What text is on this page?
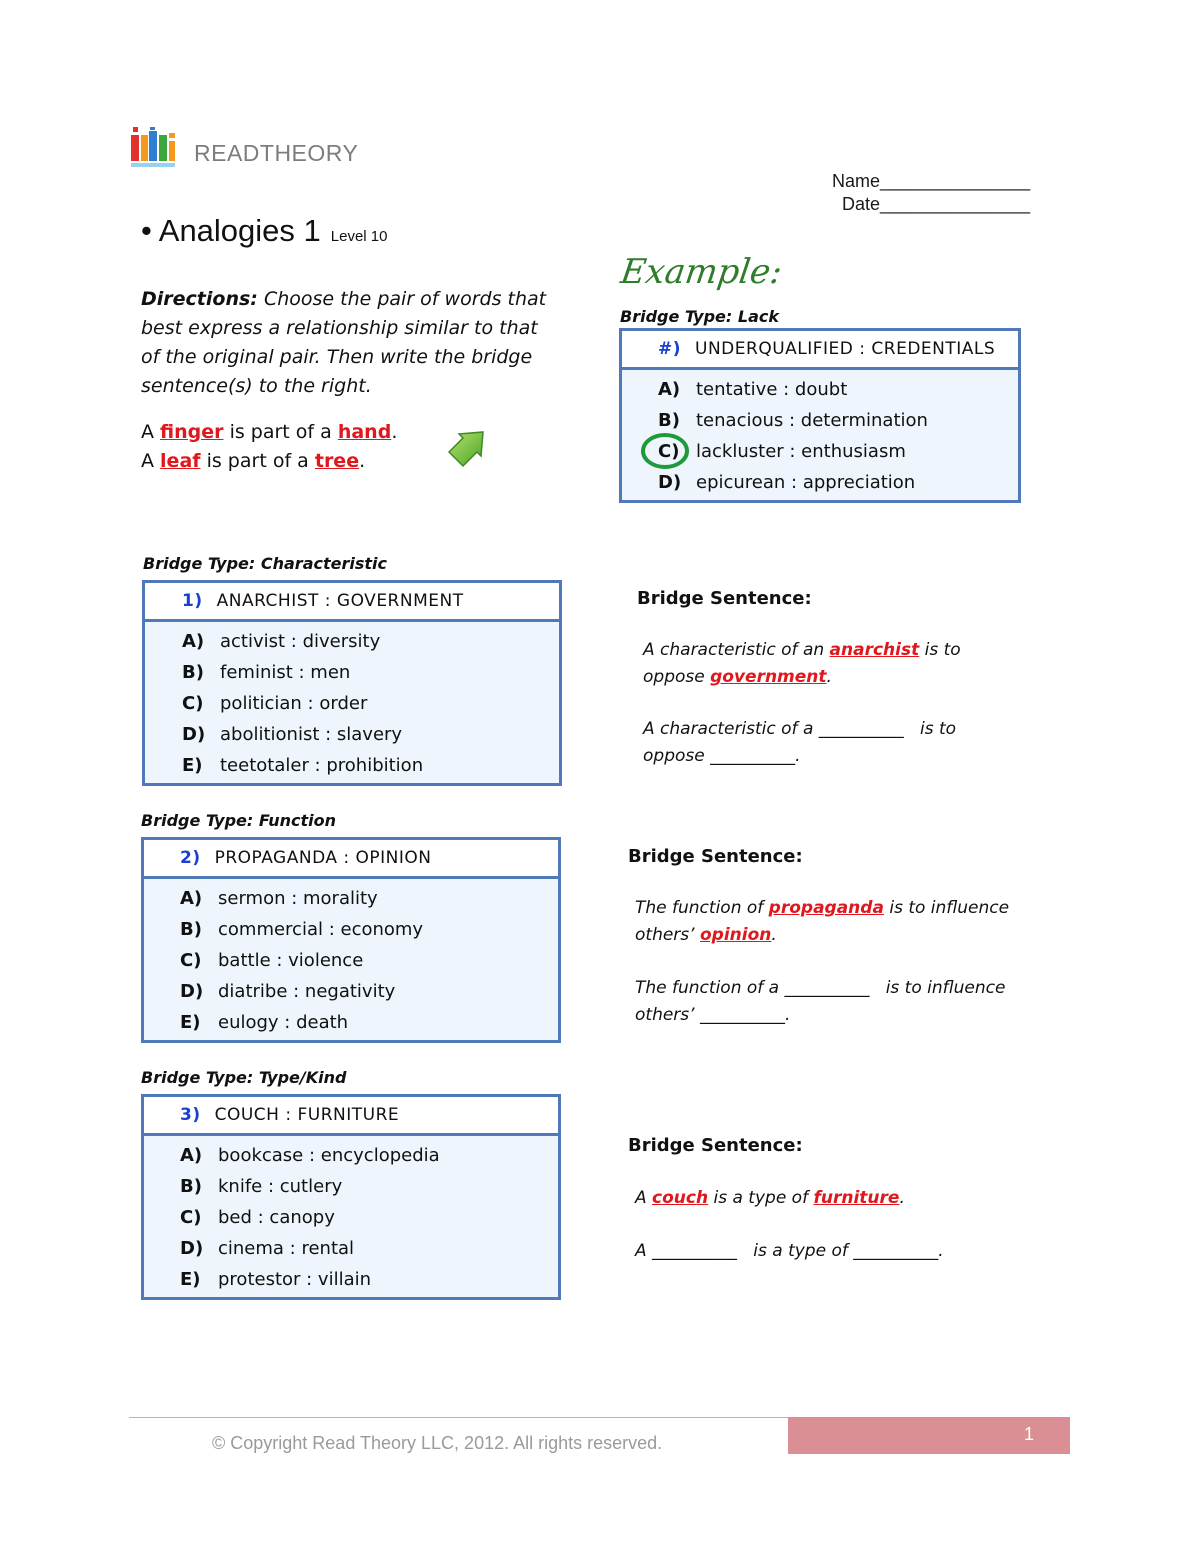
READTHEORY
Name_______________
Date_______________
• Analogies 1 Level 10
Directions: Choose the pair of words that best express a relationship similar to that of the original pair. Then write the bridge sentence(s) to the right.
A finger is part of a hand.
A leaf is part of a tree.
Example:
Bridge Type: Lack
#) UNDERQUALIFIED : CREDENTIALS
A) tentative : doubt
B) tenacious : determination
C) lackluster : enthusiasm
D) epicurean : appreciation
Bridge Type: Characteristic
1) ANARCHIST : GOVERNMENT
A) activist : diversity
B) feminist : men
C) politician : order
D) abolitionist : slavery
E) teetotaler : prohibition
Bridge Sentence:
A characteristic of an anarchist is to
oppose government.
A characteristic of a __________ is to
oppose __________.
Bridge Type: Function
2) PROPAGANDA : OPINION
A) sermon : morality
B) commercial : economy
C) battle : violence
D) diatribe : negativity
E) eulogy : death
Bridge Sentence:
The function of propaganda is to influence
others’ opinion.
The function of a __________ is to influence
others’ __________.
Bridge Type: Type/Kind
3) COUCH : FURNITURE
A) bookcase : encyclopedia
B) knife : cutlery
C) bed : canopy
D) cinema : rental
E) protestor : villain
Bridge Sentence:
A couch is a type of furniture.
A __________ is a type of __________.
© Copyright Read Theory LLC, 2012. All rights reserved.	1
